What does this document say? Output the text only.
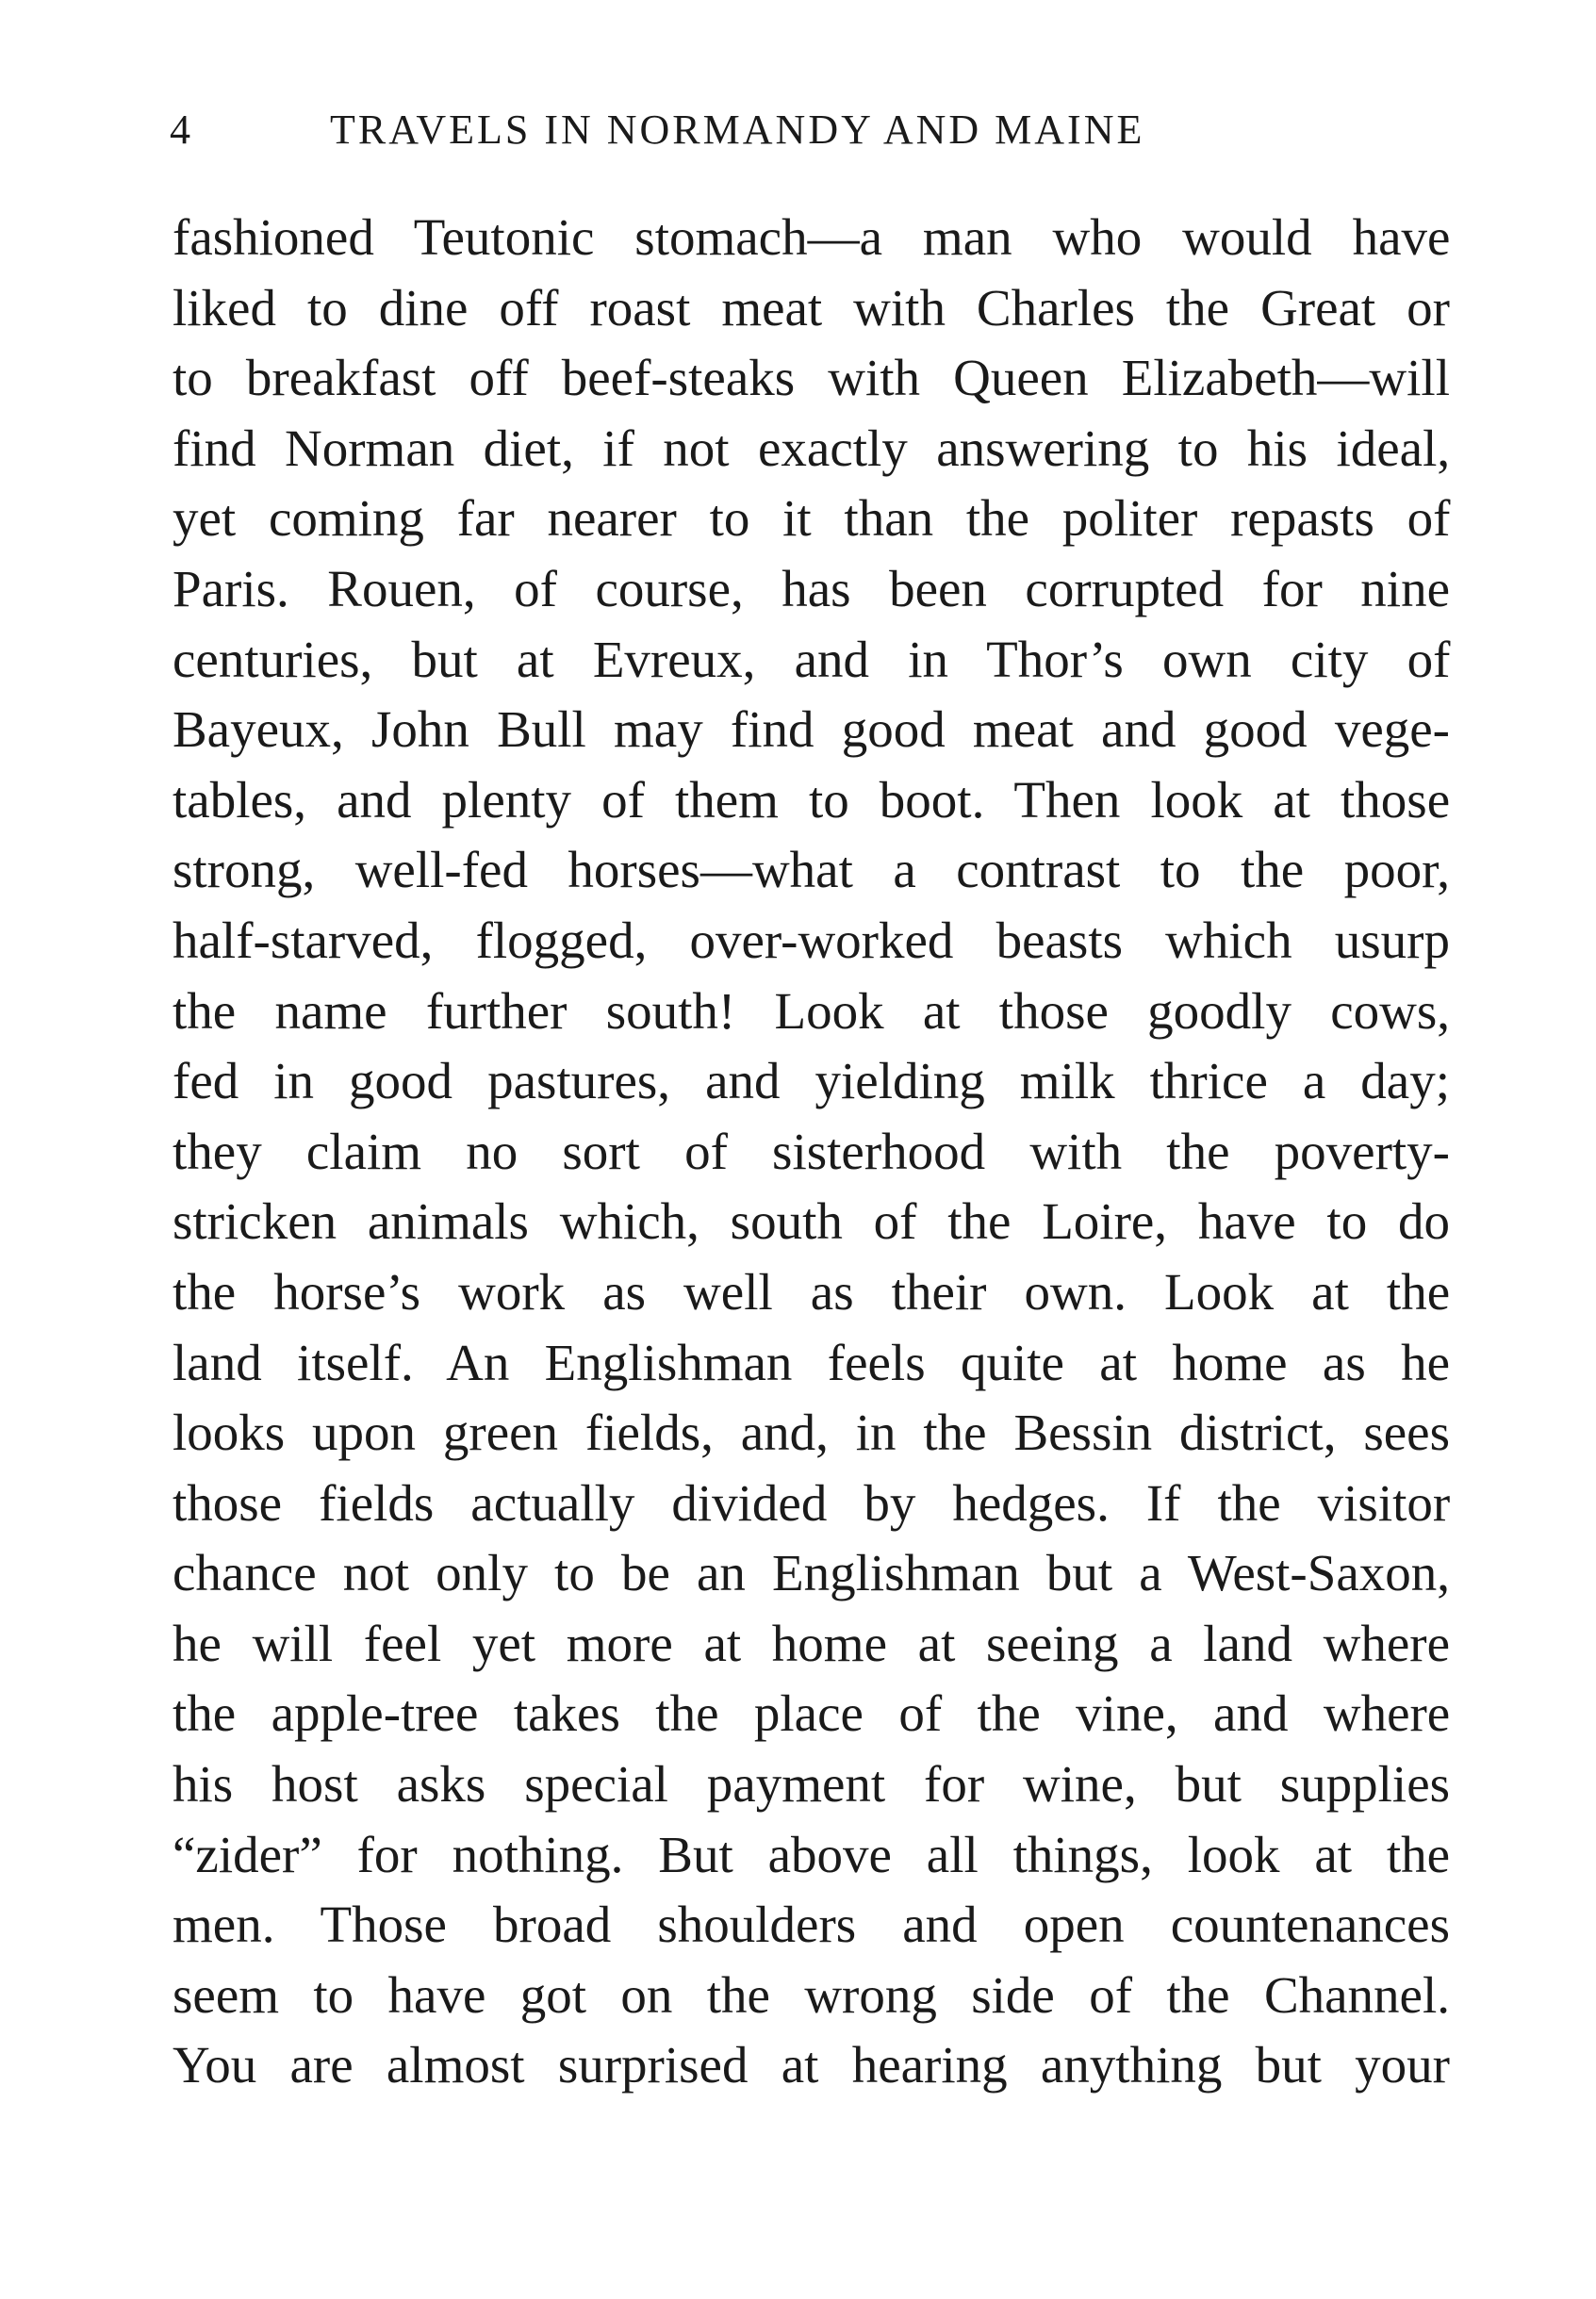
4	TRAVELS IN NORMANDY AND MAINE
fashioned Teutonic stomach—a man who would have
liked to dine off roast meat with Charles the Great or
to breakfast off beef-steaks with Queen Elizabeth—will
find Norman diet, if not exactly answering to his ideal,
yet coming far nearer to it than the politer repasts of
Paris. Rouen, of course, has been corrupted for nine
centuries, but at Evreux, and in Thor’s own city of
Bayeux, John Bull may find good meat and good vege-
tables, and plenty of them to boot. Then look at those
strong, well-fed horses—what a contrast to the poor,
half-starved, flogged, over-worked beasts which usurp
the name further south! Look at those goodly cows,
fed in good pastures, and yielding milk thrice a day;
they claim no sort of sisterhood with the poverty-
stricken animals which, south of the Loire, have to do
the horse’s work as well as their own. Look at the
land itself. An Englishman feels quite at home as he
looks upon green fields, and, in the Bessin district, sees
those fields actually divided by hedges. If the visitor
chance not only to be an Englishman but a West-Saxon,
he will feel yet more at home at seeing a land where
the apple-tree takes the place of the vine, and where
his host asks special payment for wine, but supplies
“zider” for nothing. But above all things, look at the
men. Those broad shoulders and open countenances
seem to have got on the wrong side of the Channel.
You are almost surprised at hearing anything but your
